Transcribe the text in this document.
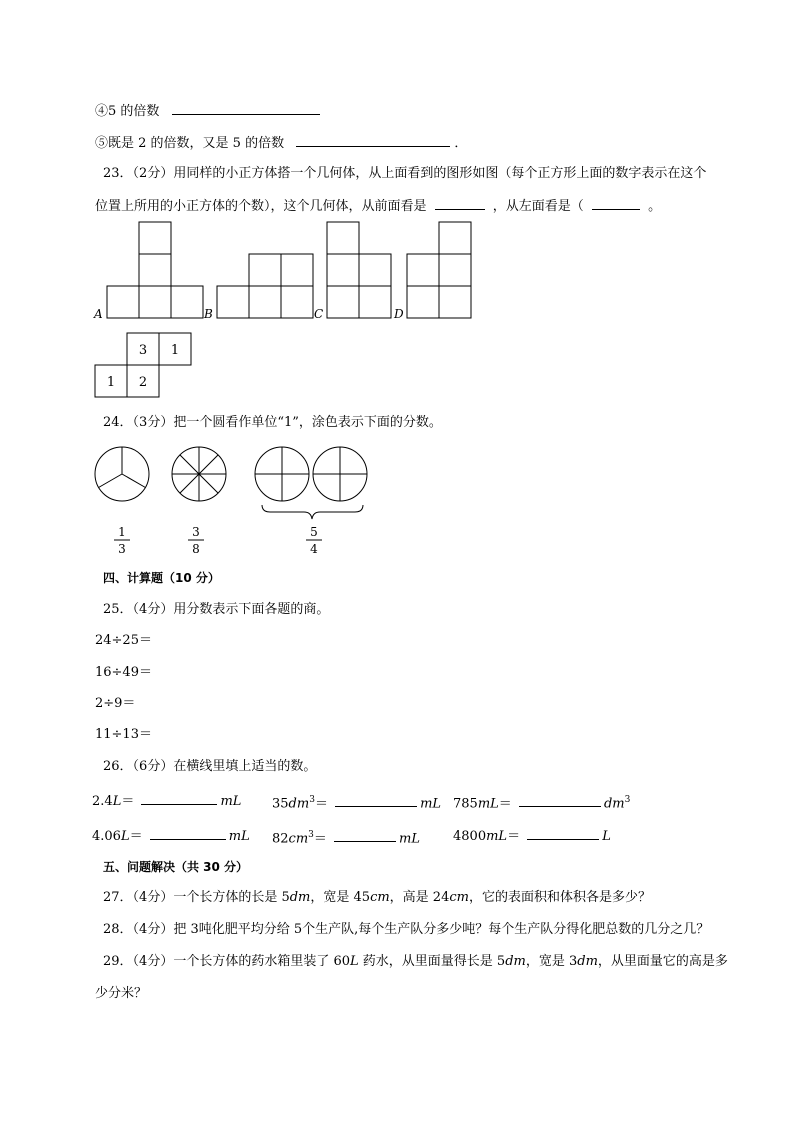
④5 的倍数
⑤既是 2 的倍数，又是 5 的倍数	．
23．（2分）用同样的小正方体搭一个几何体，从上面看到的图形如图（每个正方形上面的数字表示在这个
位置上所用的小正方体的个数），这个几何体，从前面看是	，从左面看是（	。
A	B	C	D
3 1
1 2
24．（3分）把一个圆看作单位“1”，涂色表示下面的分数。
1
3
3
8
5
4
四、计算题（10 分）
25．（4分）用分数表示下面各题的商。
24÷25＝
16÷49＝
2÷9＝
11÷13＝
26．（6分）在横线里填上适当的数。
2.4L＝	mL $35dm^3=$	mL 785mL＝	$dm^3$
4.06L＝	mL $82cm^3=$	mL	4800mL＝	L
五、问题解决（共 30 分）
27．（4分）一个长方体的长是 5dm，宽是 45cm，高是 24cm，它的表面积和体积各是多少？
28．（4分）把 3吨化肥平均分给 5个生产队,每个生产队分多少吨？每个生产队分得化肥总数的几分之几？
29．（4分）一个长方体的药水箱里装了 60L 药水，从里面量得长是 5dm，宽是 3dm，从里面量它的高是多
少分米？
